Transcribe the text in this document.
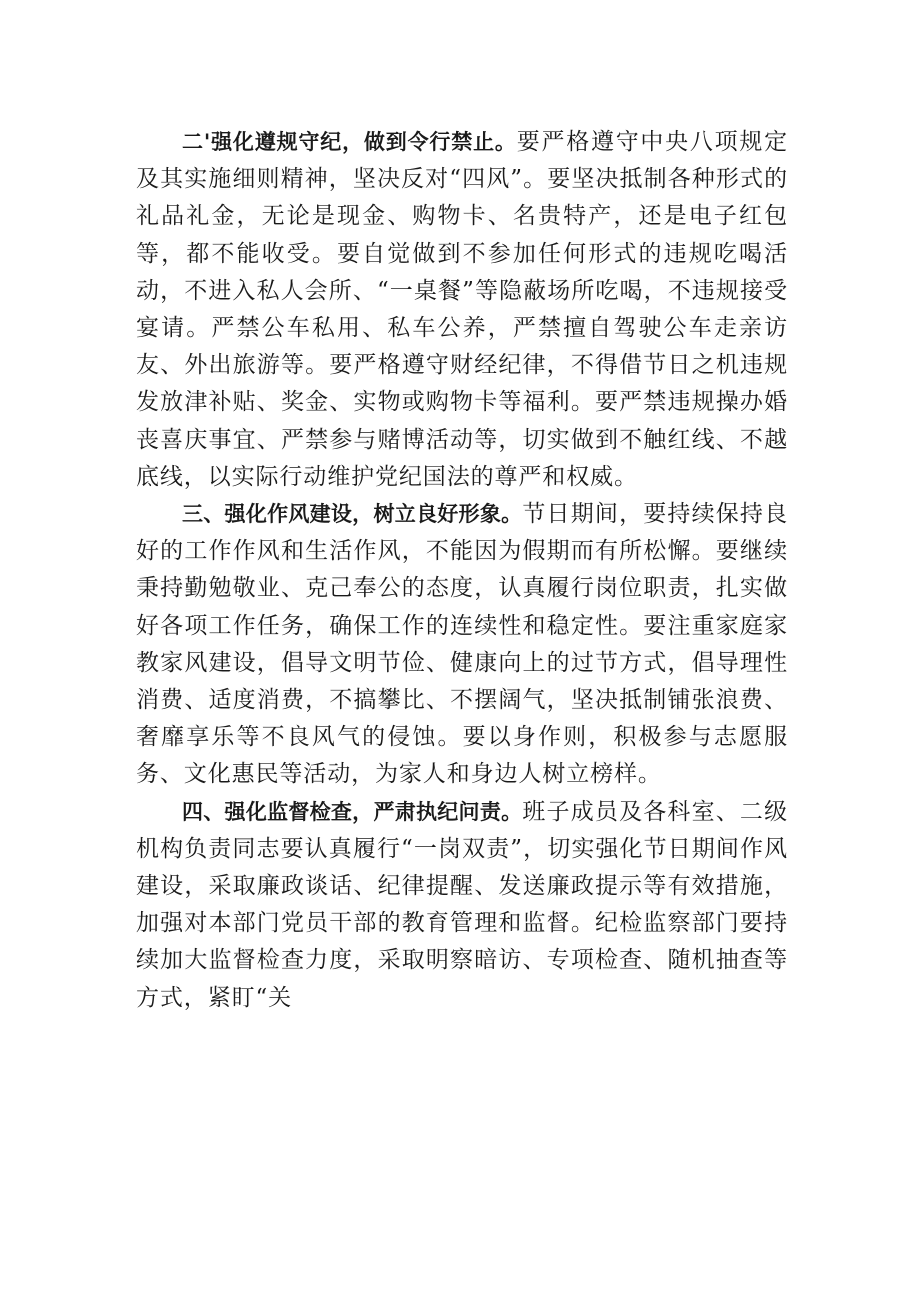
二'强化遵规守纪，做到令行禁止。要严格遵守中央八项规定及其实施细则精神，坚决反对“四风”。要坚决抵制各种形式的礼品礼金，无论是现金、购物卡、名贵特产，还是电子红包等，都不能收受。要自觉做到不参加任何形式的违规吃喝活动，不进入私人会所、“一桌餐”等隐蔽场所吃喝，不违规接受宴请。严禁公车私用、私车公养，严禁擅自驾驶公车走亲访友、外出旅游等。要严格遵守财经纪律，不得借节日之机违规发放津补贴、奖金、实物或购物卡等福利。要严禁违规操办婚丧喜庆事宜、严禁参与赌博活动等，切实做到不触红线、不越底线，以实际行动维护党纪国法的尊严和权威。

三、强化作风建设，树立良好形象。节日期间，要持续保持良好的工作作风和生活作风，不能因为假期而有所松懈。要继续秉持勤勉敬业、克己奉公的态度，认真履行岗位职责，扎实做好各项工作任务，确保工作的连续性和稳定性。要注重家庭家教家风建设，倡导文明节俭、健康向上的过节方式，倡导理性消费、适度消费，不搞攀比、不摆阔气，坚决抵制铺张浪费、奢靡享乐等不良风气的侵蚀。要以身作则，积极参与志愿服务、文化惠民等活动，为家人和身边人树立榜样。

四、强化监督检查，严肃执纪问责。班子成员及各科室、二级机构负责同志要认真履行“一岗双责”，切实强化节日期间作风建设，采取廉政谈话、纪律提醒、发送廉政提示等有效措施，加强对本部门党员干部的教育管理和监督。纪检监察部门要持续加大监督检查力度，采取明察暗访、专项检查、随机抽查等方式，紧盯“关
